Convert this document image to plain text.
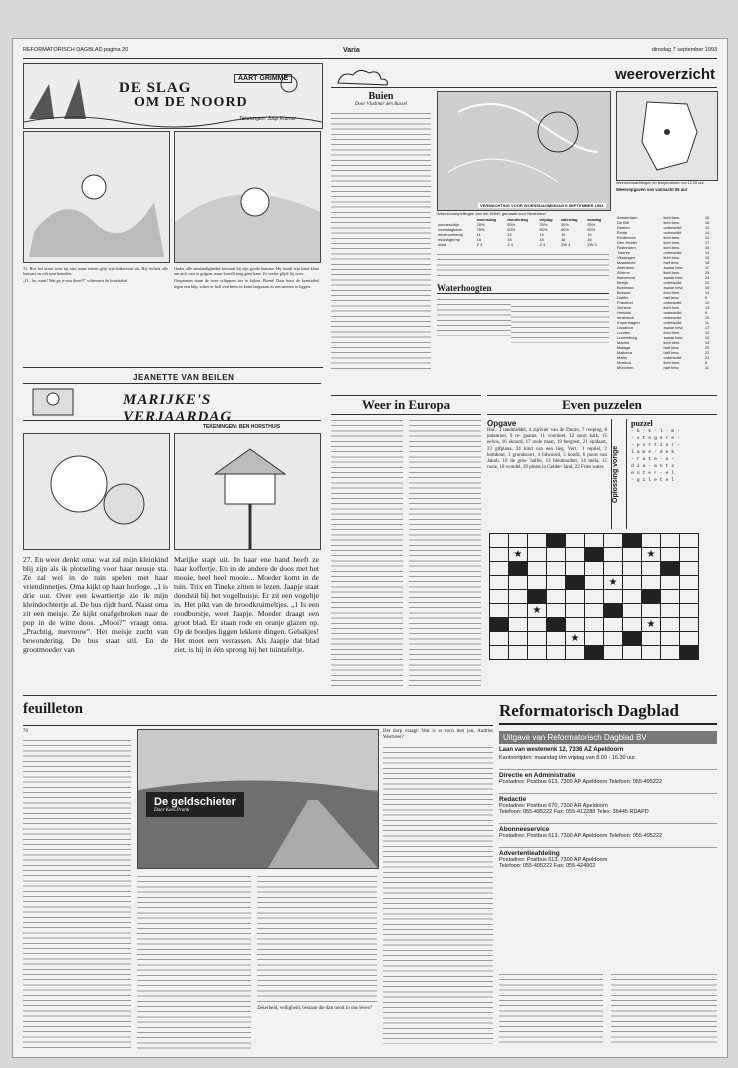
REFORMATORISCH DAGBLAD pagina 20	Varia	dinsdag 7 september 1993
DE SLAG
OM DE NOORD
AART GRIMME
Tekeningen: Joop Kramer

11. Hoe het komt weet hij niet, maar ineens glijt zijn linkervoet uit. Hij verliest alle houvast en rolt naar beneden.

„O... ho, maat! Wat ga je nou doen?!” schreeuwt de kontstabel.

Onder alle omstandigheden bewaart hij zijn goede humeur. Hij houdt zijn hand klaar om zich vast te grijpen, maar borrelt tong geen kans. Er verder glijdt hij weer.

Gespannen staan de twee schippers toe te kijken. Boem! Daar botst de kontstabel tegen een klip, schiet er half overheen en komt langzaam in een sneeuw te liggen.

JEANETTE VAN BEILEN
MARIJKE'S VERJAARDAG
TEKENINGEN: BEN HORSTHUIS
27. En weer denkt oma: wat zal mijn kleinkind blij zijn als ik plotseling voor haar neusje sta. Ze zal wel in de tuin spelen met haar vriendinnetjes. Oma kijkt op haar horloge. „1 is drie uur. Over een kwartiertje zie ik mijn kleindochtertje al. De bus rijdt hard. Naast oma zit een meisje. Ze kijkt onafgebroken naar de pop in de witte doos. „Mooi?” vraagt oma. „Prachtig, mevrouw”. Het meisje zucht van bewondering. De bus staat stil. En de grootmoeder van
Marijke stapt uit. In haar ene hand heeft ze haar koffertje. En in de andere de doos met het mooie, heel heel mooie... Moeder komt in de tuin. Trix en Tineke zitten te lezen. Jaapje staat doodstil bij het vogelhuisje. Er zit een vogeltje in. Het pikt van de broodkruimeltjes. „1 Is een roodborstje, weet Jaapje. Moeder draagt een groot blad. Er staan rode en oranje glazen op. Op de bordjes liggen lekkere dingen. Gebakjes! Het moet een verrassen. Als Jaapje dat blad ziet, is hij in één sprong bij het tuintafeltje.
weeroverzicht
Buien
Door Vladimir den Bussel
VERWACHTING VOOR WOENSDAGMIDDAG 8 SEPTEMBER 1993
Weersvoorspellingen van het KNMI, gemaakt voor Nederland
	woensdag	donderdag	vrijdag	zaterdag	zondag
zonneschijn	25%	50%	25%	30%	25%
neerslagkans	75%	60%	60%	60%	60%
minimumtemp	11	12	10	10	10
middagtemp	16	16	16	16	16
wind	Z 4	Z 4	Z 4	ZW 4	ZW 4
Waterhoogten
Weersverwachtingen en temperaturen om 12.00 uur
Weersopgaven van vannacht 06 uur
Amsterdam	licht bew.	16
De Bilt	licht bew.	16
Deelen	onbewolkt	13
Eelde	onbewolkt	14
Eindhoven	licht bew.	12
Den Helder	licht bew.	17
Rotterdam	licht bew.	16
Twente	onbewolkt	14
Vlissingen	licht bew.	15
Maastricht	half bew.	18
Aberdeen	zwaar bew.	11
Athene	licht bew.	25
Barcelona	zwaar bew.	24
Berlijn	onbewolkt	12
Bordeaux	zwaar bew.	16
Brussel	licht bew.	14
Dublin	half bew.	9
Frankfort	onbewolkt	10
Genève	licht bew.	13
Helsinki	onbewolkt	9
Innsbruck	onbewolkt	10
Kopenhagen	onbewolkt	11
Lissabon	zwaar bew.	17
Londen	licht bew.	12
Luxemburg	zwaar bew.	10
Madrid	licht bew.	14
Malaga	half bew.	20
Mallorca	half bew.	22
Malta	onbewolkt	24
Moskou	licht bew.	8
München	half bew.	11
Weer in Europa	Even puzzelen
Opgave
Hor.: 1 tandmiddel, 4 zijrivier van de Douro, 7 roeping, 8 pulanrner, 9 re- gaaine, 11 voordeel, 12 soort kalk, 15 eelvis, 16 ekoord, 17 oude maat, 19 bergrest, 21 epidaart, 23 gifplana, 24 kind van een lieg. Vert.: 1 reptiel, 2 bomhout, 3 grondsoort, 4 lidwoord, 5 hoofd, 6 poort van Jakob, 10 de gros- halfer, 13 blenhoudter, 14 mela, 15 ruzie, 18 wondel, 20 pleats in Gelder- land, 22 Fries water.	Oplossing vorige
puzzel
- b - k - l - m -
- s t e g e r e -
- p o r t i e r -
l a m e - d e k
- r a t e - a -
d i a - a n t s
e n t e r - e l
- g i l e t e l

	★							★		

						★				

		★								
								★		
				★						

feuilleton
70
De geldschieter
Door Kees Prank
Zekerheid, veiligheid, bestaan die dan nooit in ons leven?
Het dorp vraagt: Wat is er toch met jou, Andries Westveer?
Reformatorisch Dagblad
Uitgave van Reformatorisch Dagblad BV
Laan van westenenk 12, 7336 AZ Apeldoorn
Kantoortijden: maandag t/m vrijdag van 8.00 - 16.30 uur.
Directie en Administratie
Postadres: Postbus 613, 7300 AP Apeldoorn Telefoon: 055-495222
Redactie
Postadres: Postbus 670, 7300 AR Apeldoorn
Telefoon: 055-495222 Fax: 055-412288 Telex: 36445 RDAPD
Abonneeservice
Postadres: Postbus 613, 7300 AP Apeldoorn Telefoon: 055-495222
Advertentieafdeling
Postadres: Postbus 613, 7300 AP Apeldoorn
Telefoon: 055-495222 Fax: 055-424902
